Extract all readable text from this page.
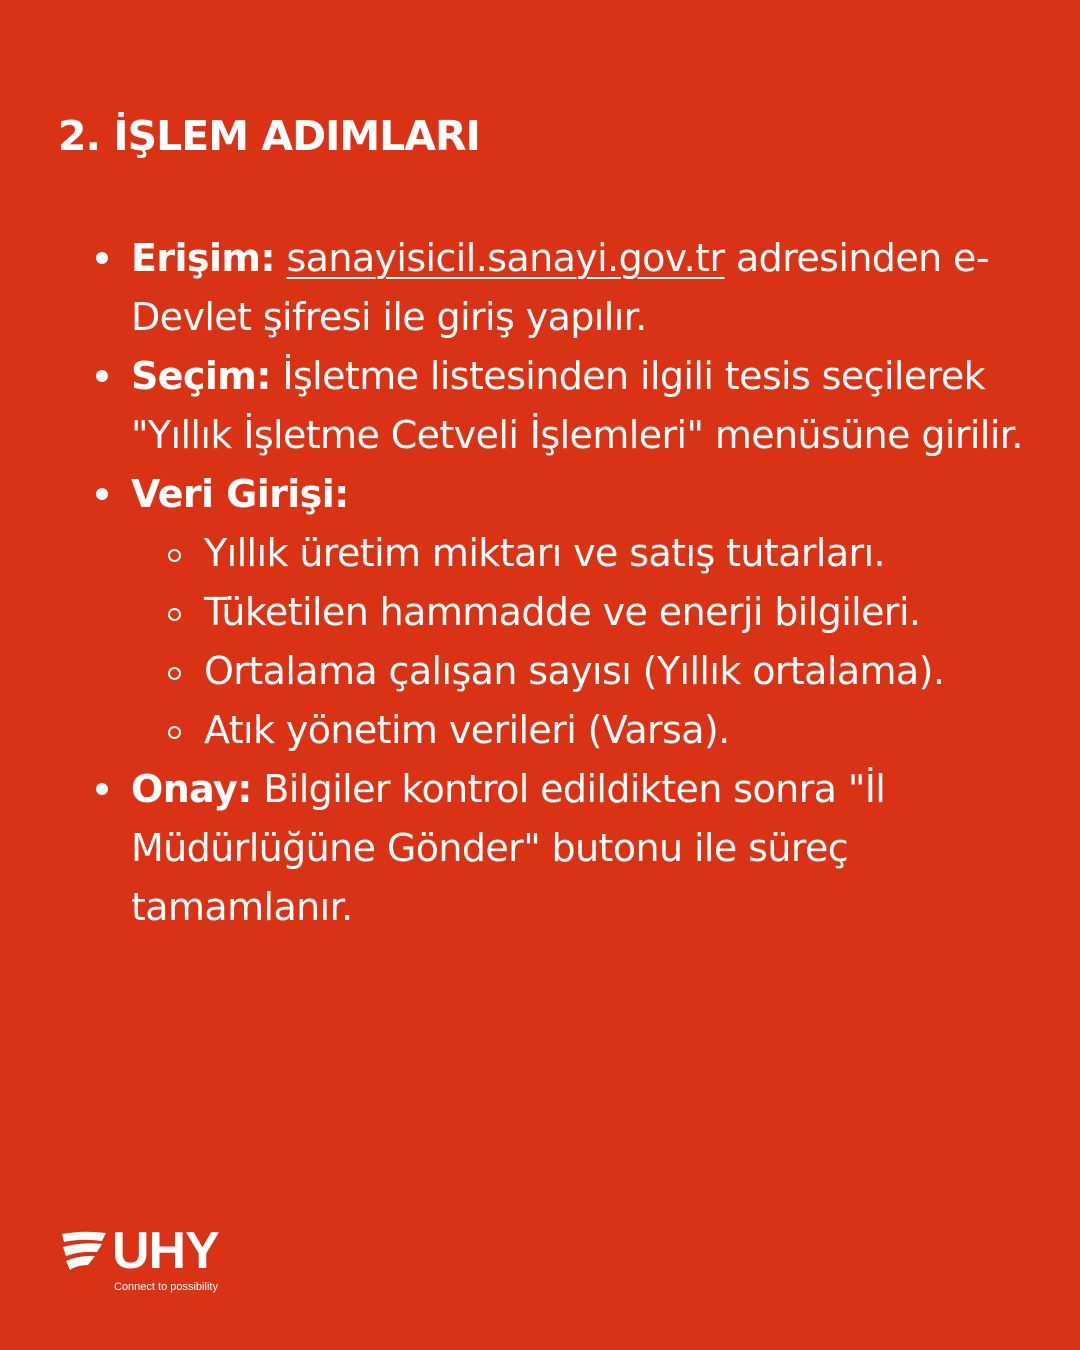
2. İŞLEM ADIMLARI
Erişim: sanayisicil.sanayi.gov.tr adresinden e-Devlet şifresi ile giriş yapılır.
Seçim: İşletme listesinden ilgili tesis seçilerek "Yıllık İşletme Cetveli İşlemleri" menüsüne girilir.
Veri Girişi:
Yıllık üretim miktarı ve satış tutarları.
Tüketilen hammadde ve enerji bilgileri.
Ortalama çalışan sayısı (Yıllık ortalama).
Atık yönetim verileri (Varsa).
Onay: Bilgiler kontrol edildikten sonra "İl Müdürlüğüne Gönder" butonu ile süreç tamamlanır.
UHY
Connect to possibility
